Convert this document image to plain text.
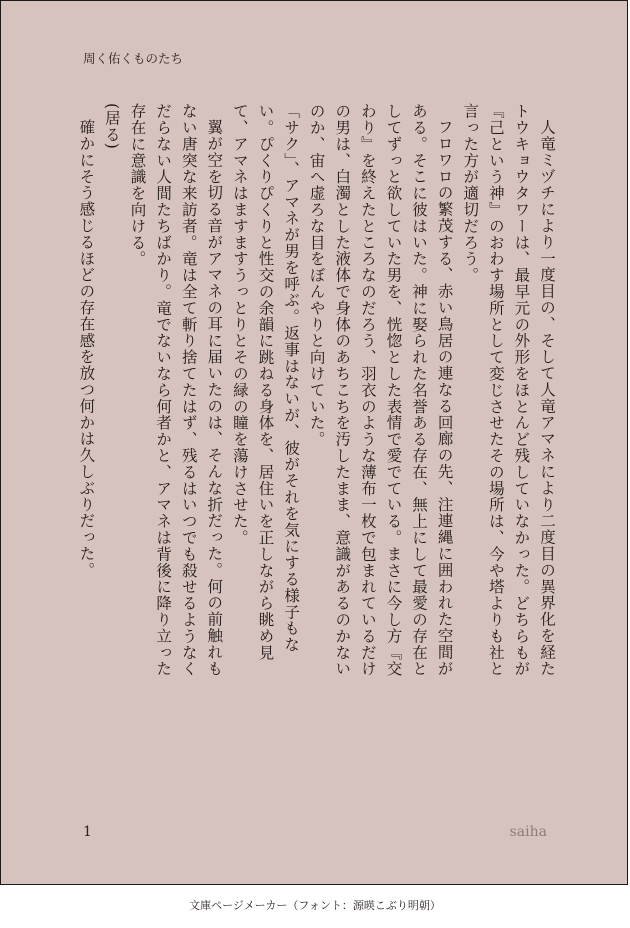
周く佑くものたち

人竜ミヅチにより一度目の、そして人竜アマネにより二度目の異界化を経たトウキョウタワーは、最早元の外形をほとんど残していなかった。どちらもが『己という神』のおわす場所として変じさせたその場所は、今や塔よりも社と言った方が適切だろう。

フロワロの繁茂する、赤い鳥居の連なる回廊の先、注連縄に囲われた空間がある。そこに彼はいた。神に娶られた名誉ある存在、無上にして最愛の存在としてずっと欲していた男を、恍惚とした表情で愛でている。まさに今し方『交わり』を終えたところなのだろう、羽衣のような薄布一枚で包まれているだけの男は、白濁とした液体で身体のあちこちを汚したまま、意識があるのかないのか、宙へ虚ろな目をぼんやりと向けていた。

「サク」、アマネが男を呼ぶ。返事はないが、彼がそれを気にする様子もない。ぴくりぴくりと性交の余韻に跳ねる身体を、居住いを正しながら眺め見て、アマネはますますうっとりとその緑の瞳を蕩けさせた。

翼が空を切る音がアマネの耳に届いたのは、そんな折だった。何の前触れもない唐突な来訪者。竜は全て斬り捨てたはず、残るはいつでも殺せるようなくだらない人間たちばかり。竜でないなら何者かと、アマネは背後に降り立った存在に意識を向ける。

(居る)

確かにそう感じるほどの存在感を放つ何かは久しぶりだった。

1	saiha
文庫ページメーカー（フォント：源暎こぶり明朝）
